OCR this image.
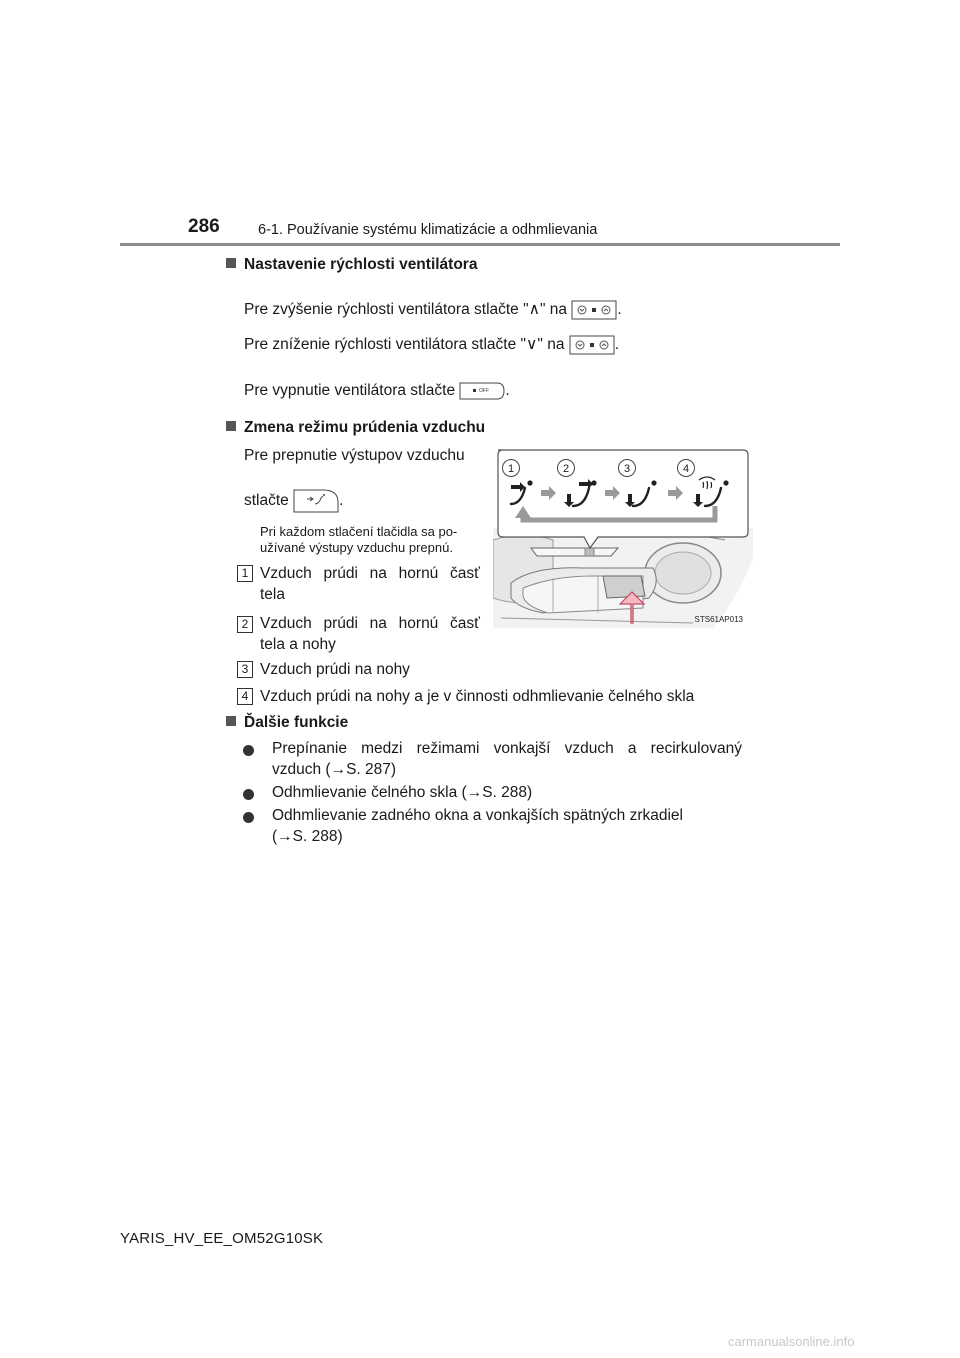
286	6-1. Používanie systému klimatizácie a odhmlievania
Nastavenie rýchlosti ventilátora
Pre zvýšenie rýchlosti ventilátora stlačte "∧" na	.
Pre zníženie rýchlosti ventilátora stlačte "∨" na	.
Pre vypnutie ventilátora stlačte	OFF .
Zmena režimu prúdenia vzduchu
Pre prepnutie výstupov vzduchu
stlačte	.
Pri každom stlačení tlačidla sa po-
užívané výstupy vzduchu prepnú.
1 Vzduch prúdi na hornú časť
tela
2 Vzduch prúdi na hornú časť
tela a nohy
3 Vzduch prúdi na nohy
4 Vzduch prúdi na nohy a je v činnosti odhmlievanie čelného skla
1	2	3	4
STS61AP013
Ďalšie funkcie
Prepínanie medzi režimami vonkajší vzduch a recirkulovaný
vzduch (→S. 287)
Odhmlievanie čelného skla (→S. 288)
Odhmlievanie zadného okna a vonkajších spätných zrkadiel
(→S. 288)
YARIS_HV_EE_OM52G10SK
carmanualsonline.info
